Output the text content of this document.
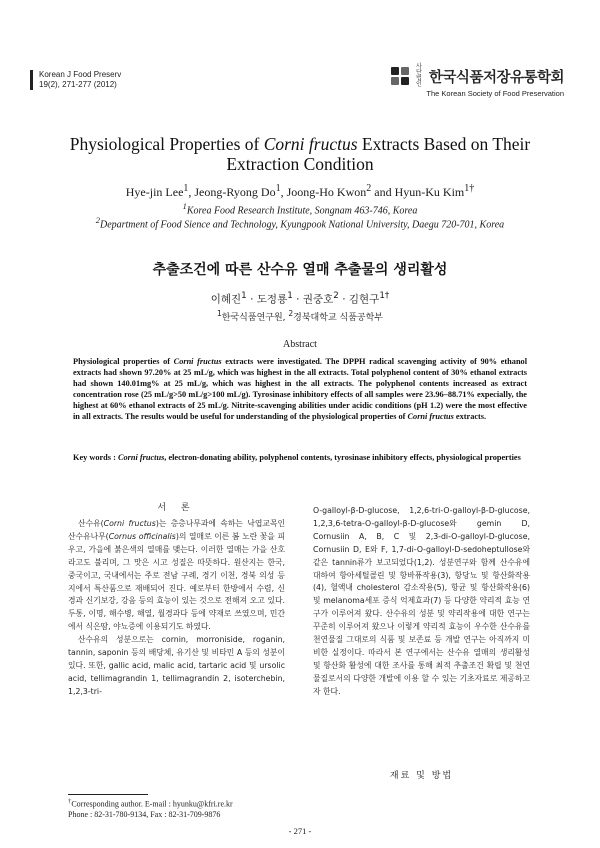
Korean J Food Preserv
19(2), 271-277 (2012)
사단 법인 한국식품저장유통학회
The Korean Society of Food Preservation
Physiological Properties of Corni fructus Extracts Based on Their
Extraction Condition
Hye-jin Lee$^1$, Jeong-Ryong Do$^1$, Joong-Ho Kwon$^2$ and Hyun-Ku Kim$^{1\dagger}$
$^1$Korea Food Research Institute, Songnam 463-746, Korea
$^2$Department of Food Sience and Technology, Kyungpook National University, Daegu 720-701, Korea
추출조건에 따른 산수유 열매 추출물의 생리활성
이혜진$^1$ · 도정룡$^1$ · 권중호$^2$ · 김현구$^{1\dagger}$
$^1$한국식품연구원, $^2$경북대학교 식품공학부
Abstract
Physiological properties of Corni fructus extracts were investigated. The DPPH radical scavenging activity of 90% ethanol extracts had shown 97.20% at 25 mL/g, which was highest in the all extracts. Total polyphenol content of 30% ethanol extracts had shown 140.01mg% at 25 mL/g, which was highest in the all extracts. The polyphenol contents increased as extract concentration rose (25 mL/g>50 mL/g>100 mL/g). Tyrosinase inhibitory effects of all samples were 23.96–88.71% expecially, the highest at 60% ethanol extracts of 25 mL/g. Nitrite-scavenging abilities under acidic conditions (pH 1.2) were the most effective in all extracts. The results would be useful for understanding of the physiological properties of Corni fructus extracts.
Key words : Corni fructus, electron-donating ability, polyphenol contents, tyrosinase inhibitory effects, physiological properties
서 론

산수유(Corni fructus)는 층층나무과에 속하는 낙엽교목인 산수유나무(Cornus officinalis)의 열매로 이른 봄 노란 꽃을 피우고, 가을에 붉은색의 열매를 맺는다. 이러한 열매는 가을 산호라고도 불리며, 그 맛은 시고 성질은 따뜻하다. 원산지는 한국, 중국이고, 국내에서는 주로 전남 구례, 경기 이천, 경북 의성 등지에서 특산품으로 재배되어 진다. 예로부터 한방에서 수렴, 신경과 신기보강, 강음 등의 효능이 있는 것으로 전해져 오고 있다. 두통, 이명, 해수병, 해열, 월경과다 등에 약재로 쓰였으며, 민간에서 식은땀, 야뇨증에 이용되기도 하였다.

산수유의 성분으로는 cornin, morroniside, roganin, tannin, saponin 등의 배당체, 유기산 및 비타민 A 등의 성분이 있다. 또한, gallic acid, malic acid, tartaric acid 및 ursolic acid, tellimagrandin 1, tellimagrandin 2, isoterchebin, 1,2,3-tri-

O-galloyl-β-D-glucose, 1,2,6-tri-O-galloyl-β-D-glucose, 1,2,3,6-tetra-O-galloyl-β-D-glucose와 gemin D, Cornusiin A, B, C 및 2,3-di-O-galloyl-D-glucose, Cornusiin D, E와 F, 1,7-di-O-galloyl-D-sedoheptullose와 같은 tannin류가 보고되었다(1,2). 성분연구와 함께 산수유에 대하여 항아세틸콜린 및 항바퓨작용(3), 항당뇨 및 항산화작용(4), 혈액내 cholesterol 감소작용(5), 항균 및 항산화작용(6) 및 melanoma세포 증식 억제효과(7) 등 다양한 약리적 효능 연구가 이루어져 왔다. 산수유의 성분 및 약리작용에 대한 연구는 꾸준히 이루어져 왔으나 이렇게 약리적 효능이 우수한 산수유를 천연물질 그대로의 식품 및 보존료 등 개발 연구는 아직까지 미비한 실정이다. 따라서 본 연구에서는 산수유 열매의 생리활성 및 항산화 활성에 대한 조사를 통해 최적 추출조건 확립 및 천연물질로서의 다양한 개발에 이용 할 수 있는 기초자료로 제공하고자 한다.

재료 및 방법
†Corresponding author. E-mail : hyunku@kfri.re.kr
Phone : 82-31-780-9134, Fax : 82-31-709-9876
- 271 -
